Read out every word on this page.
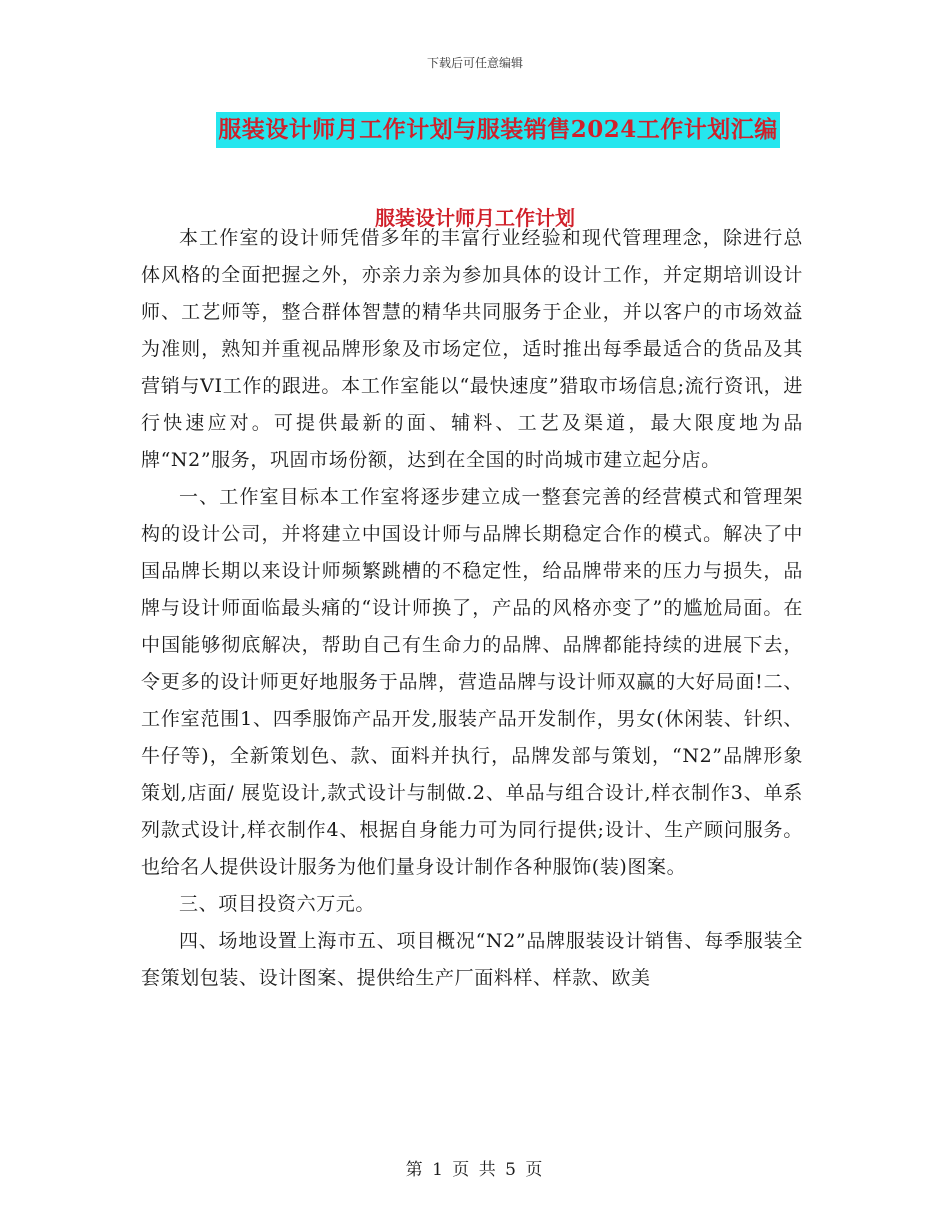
下载后可任意编辑
服装设计师月工作计划与服装销售2024工作计划汇编
服装设计师月工作计划

本工作室的设计师凭借多年的丰富行业经验和现代管理理念，除进行总体风格的全面把握之外，亦亲力亲为参加具体的设计工作，并定期培训设计师、工艺师等，整合群体智慧的精华共同服务于企业，并以客户的市场效益为准则，熟知并重视品牌形象及市场定位，适时推出每季最适合的货品及其营销与VI工作的跟进。本工作室能以“最快速度”猎取市场信息;流行资讯，进行快速应对。可提供最新的面、辅料、工艺及渠道，最大限度地为品牌“N2”服务，巩固市场份额，达到在全国的时尚城市建立起分店。

一、工作室目标本工作室将逐步建立成一整套完善的经营模式和管理架构的设计公司，并将建立中国设计师与品牌长期稳定合作的模式。解决了中国品牌长期以来设计师频繁跳槽的不稳定性，给品牌带来的压力与损失，品牌与设计师面临最头痛的“设计师换了，产品的风格亦变了”的尴尬局面。在中国能够彻底解决，帮助自己有生命力的品牌、品牌都能持续的进展下去，令更多的设计师更好地服务于品牌，营造品牌与设计师双赢的大好局面!二、工作室范围1、四季服饰产品开发,服装产品开发制作，男女(休闲装、针织、牛仔等)，全新策划色、款、面料并执行，品牌发部与策划，“N2”品牌形象策划,店面/ 展览设计,款式设计与制做.2、单品与组合设计,样衣制作3、单系列款式设计,样衣制作4、根据自身能力可为同行提供;设计、生产顾问服务。也给名人提供设计服务为他们量身设计制作各种服饰(装)图案。

三、项目投资六万元。

四、场地设置上海市五、项目概况“N2”品牌服装设计销售、每季服装全套策划包装、设计图案、提供给生产厂面料样、样款、欧美

第 1 页 共 5 页
